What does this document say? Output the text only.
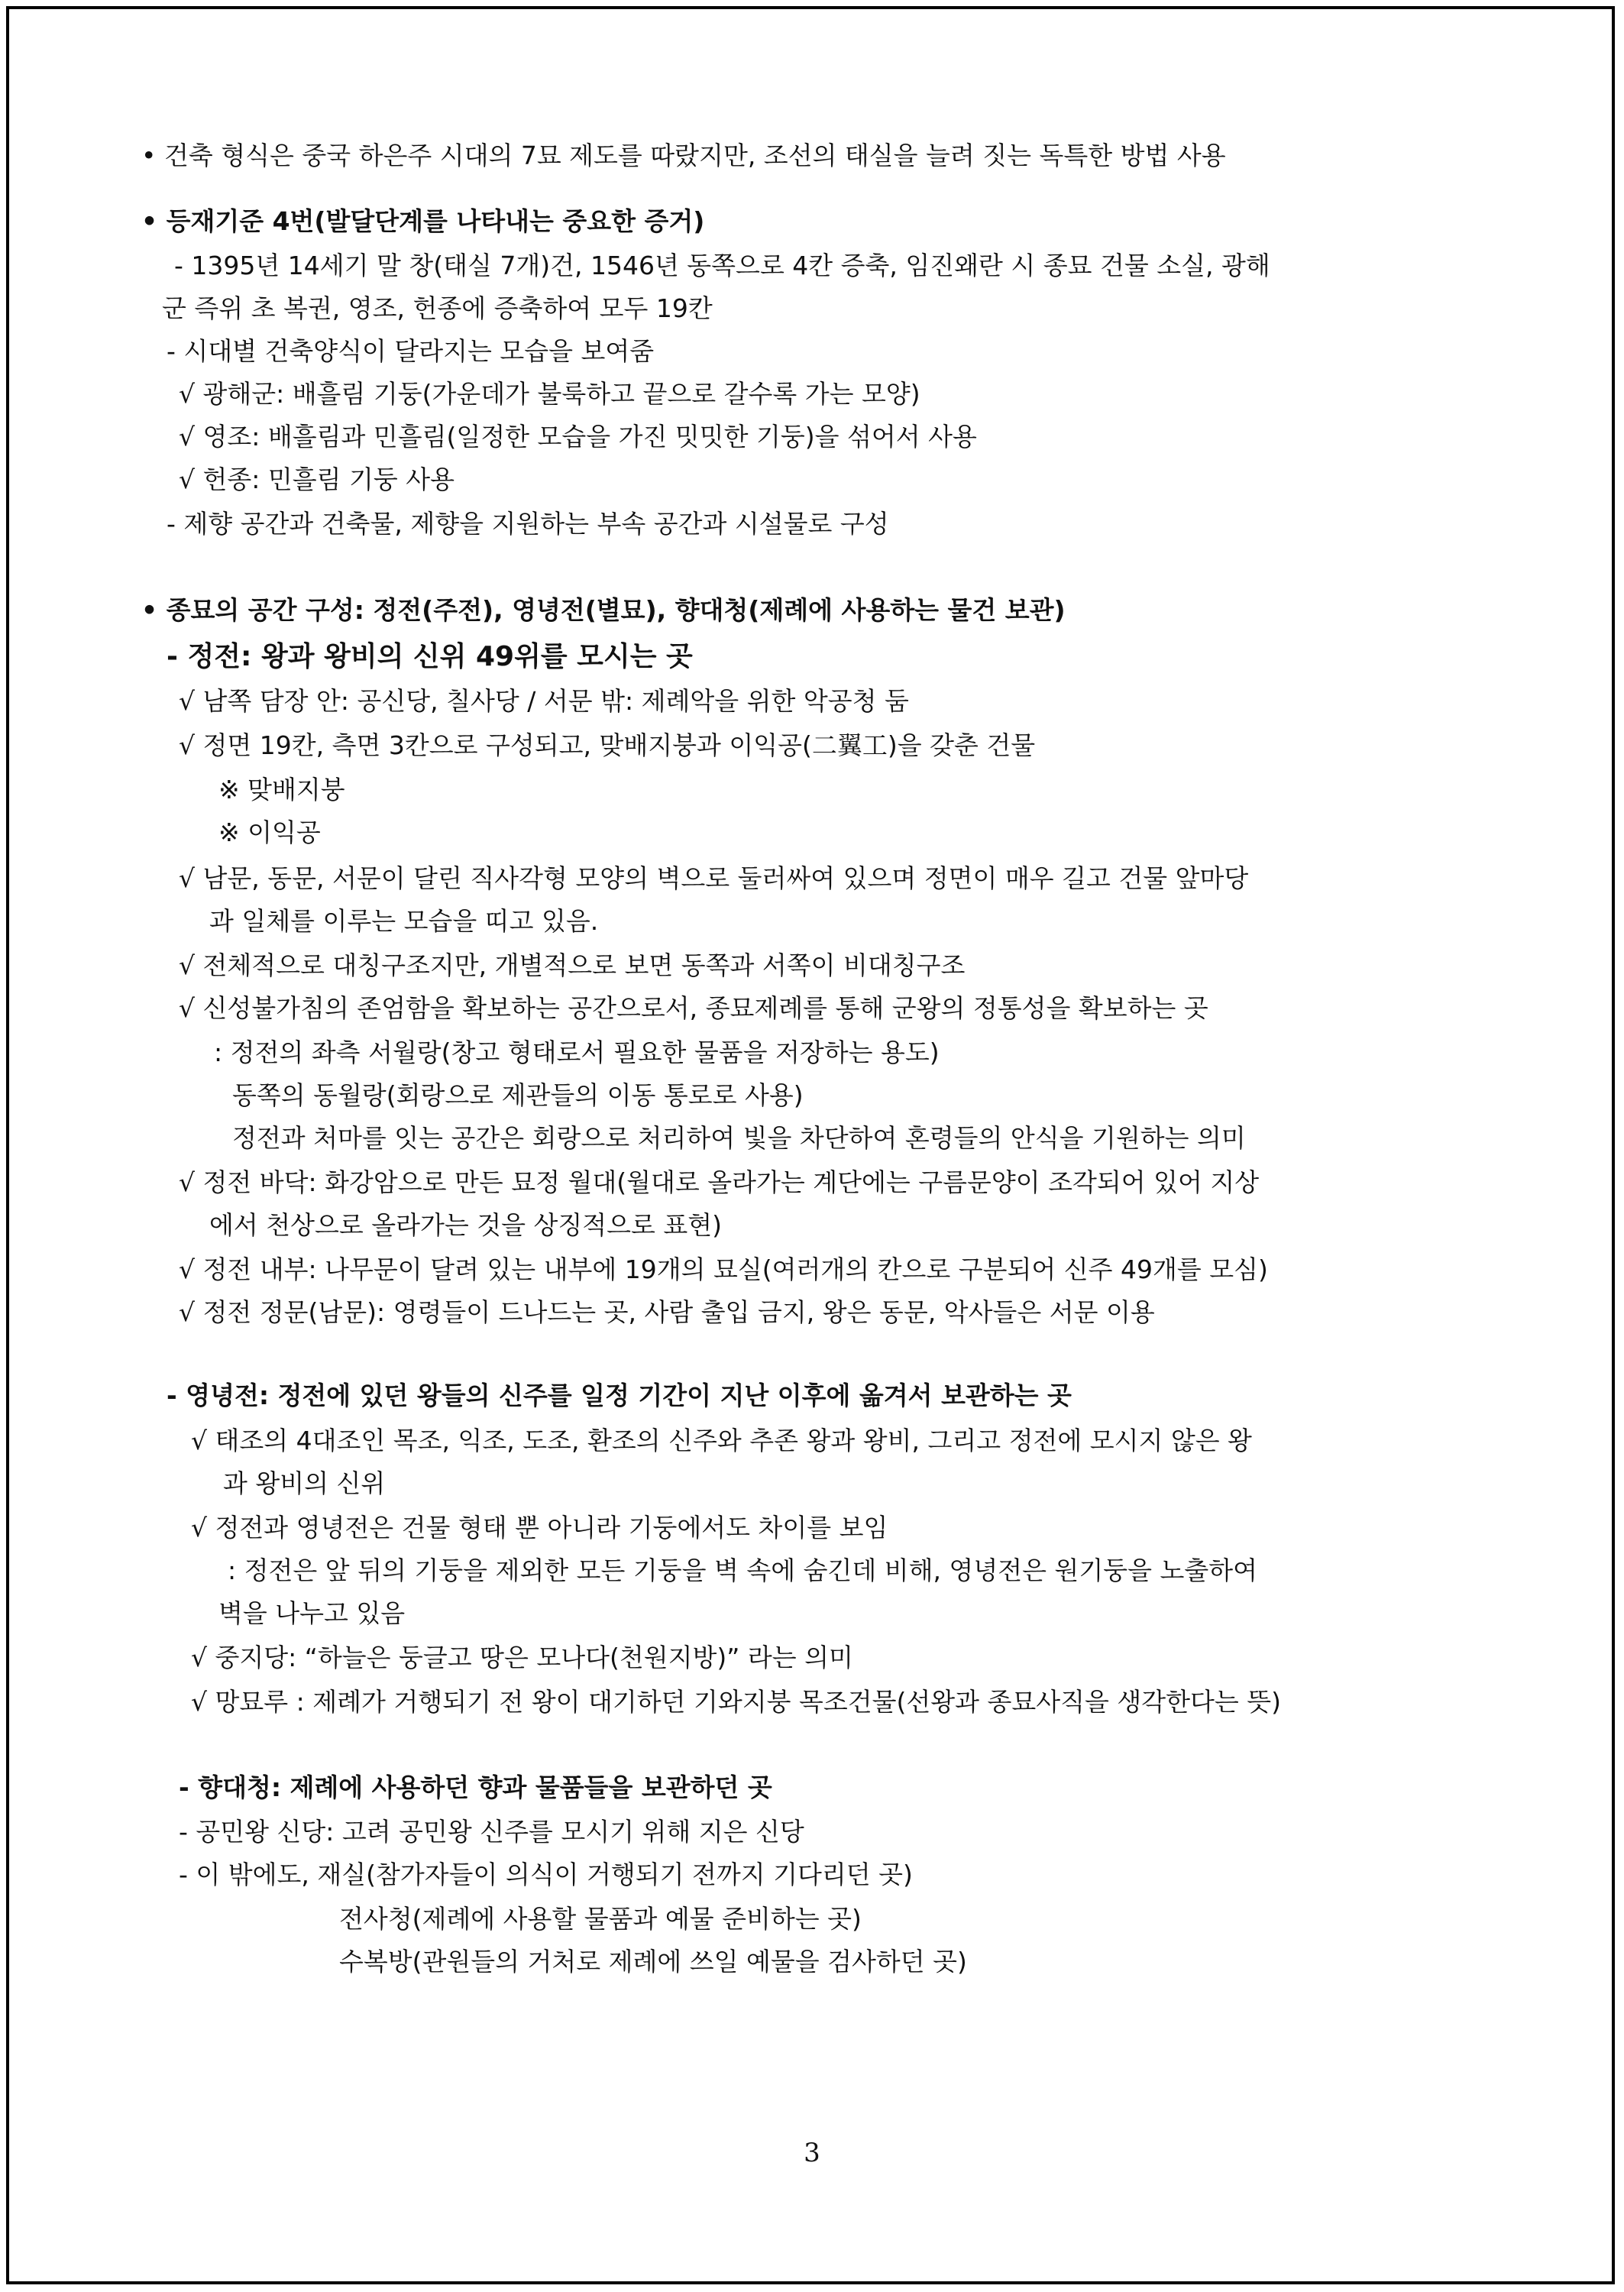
• 건축 형식은 중국 하은주 시대의 7묘 제도를 따랐지만, 조선의 태실을 늘려 짓는 독특한 방법 사용
• 등재기준 4번(발달단계를 나타내는 중요한 증거)
- 1395년 14세기 말 창(태실 7개)건, 1546년 동쪽으로 4칸 증축, 임진왜란 시 종묘 건물 소실, 광해
군 즉위 초 복권, 영조, 헌종에 증축하여 모두 19칸
- 시대별 건축양식이 달라지는 모습을 보여줌
√ 광해군: 배흘림 기둥(가운데가 불룩하고 끝으로 갈수록 가는 모양)
√ 영조: 배흘림과 민흘림(일정한 모습을 가진 밋밋한 기둥)을 섞어서 사용
√ 헌종: 민흘림 기둥 사용
- 제향 공간과 건축물, 제향을 지원하는 부속 공간과 시설물로 구성
• 종묘의 공간 구성: 정전(주전), 영녕전(별묘), 향대청(제례에 사용하는 물건 보관)
- 정전: 왕과 왕비의 신위 49위를 모시는 곳
√ 남쪽 담장 안: 공신당, 칠사당 / 서문 밖: 제례악을 위한 악공청 둠
√ 정면 19칸, 측면 3칸으로 구성되고, 맞배지붕과 이익공(二翼工)을 갖춘 건물
※ 맞배지붕
※ 이익공
√ 남문, 동문, 서문이 달린 직사각형 모양의 벽으로 둘러싸여 있으며 정면이 매우 길고 건물 앞마당
과 일체를 이루는 모습을 띠고 있음.
√ 전체적으로 대칭구조지만, 개별적으로 보면 동쪽과 서쪽이 비대칭구조
√ 신성불가침의 존엄함을 확보하는 공간으로서, 종묘제례를 통해 군왕의 정통성을 확보하는 곳
: 정전의 좌측 서월랑(창고 형태로서 필요한 물품을 저장하는 용도)
동쪽의 동월랑(회랑으로 제관들의 이동 통로로 사용)
정전과 처마를 잇는 공간은 회랑으로 처리하여 빛을 차단하여 혼령들의 안식을 기원하는 의미
√ 정전 바닥: 화강암으로 만든 묘정 월대(월대로 올라가는 계단에는 구름문양이 조각되어 있어 지상
에서 천상으로 올라가는 것을 상징적으로 표현)
√ 정전 내부: 나무문이 달려 있는 내부에 19개의 묘실(여러개의 칸으로 구분되어 신주 49개를 모심)
√ 정전 정문(남문): 영령들이 드나드는 곳, 사람 출입 금지, 왕은 동문, 악사들은 서문 이용
- 영녕전: 정전에 있던 왕들의 신주를 일정 기간이 지난 이후에 옮겨서 보관하는 곳
√ 태조의 4대조인 목조, 익조, 도조, 환조의 신주와 추존 왕과 왕비, 그리고 정전에 모시지 않은 왕
과 왕비의 신위
√ 정전과 영녕전은 건물 형태 뿐 아니라 기둥에서도 차이를 보임
: 정전은 앞 뒤의 기둥을 제외한 모든 기둥을 벽 속에 숨긴데 비해, 영녕전은 원기둥을 노출하여
벽을 나누고 있음
√ 중지당: “하늘은 둥글고 땅은 모나다(천원지방)” 라는 의미
√ 망묘루 : 제례가 거행되기 전 왕이 대기하던 기와지붕 목조건물(선왕과 종묘사직을 생각한다는 뜻)
- 향대청: 제례에 사용하던 향과 물품들을 보관하던 곳
- 공민왕 신당: 고려 공민왕 신주를 모시기 위해 지은 신당
- 이 밖에도, 재실(참가자들이 의식이 거행되기 전까지 기다리던 곳)
전사청(제례에 사용할 물품과 예물 준비하는 곳)
수복방(관원들의 거처로 제례에 쓰일 예물을 검사하던 곳)
3
